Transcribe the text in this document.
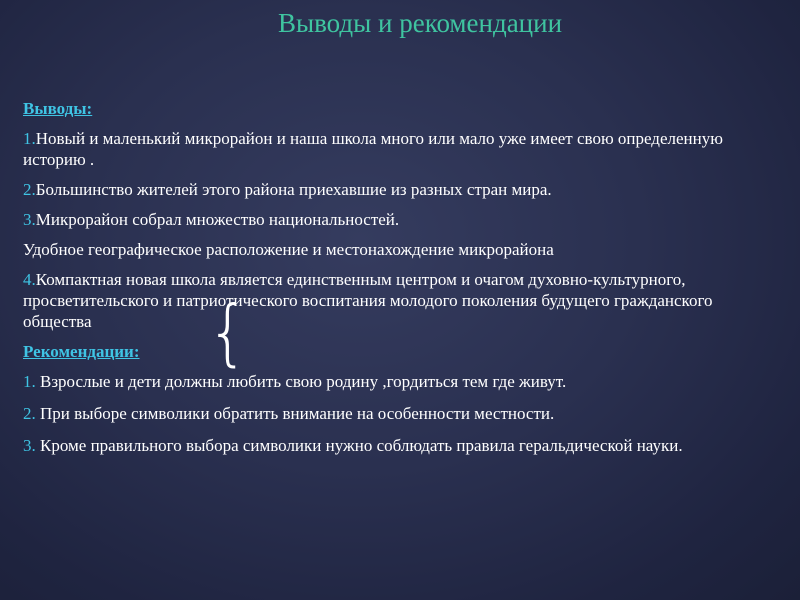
Выводы и рекомендации

Выводы:

1.Новый и маленький микрорайон и наша школа много или мало уже имеет свою определенную историю .

2.Большинство жителей этого района приехавшие из разных стран мира.

3.Микрорайон собрал множество национальностей.

Удобное географическое расположение и местонахождение микрорайона

4.Компактная новая школа является единственным центром и очагом духовно-культурного, просветительского и патриотического воспитания молодого поколения будущего гражданского общества

Рекомендации:

1. Взрослые и дети должны любить свою родину ,гордиться тем где живут.

2. При выборе символики обратить внимание на особенности местности.

3. Кроме правильного выбора символики нужно соблюдать правила геральдической науки.

{
